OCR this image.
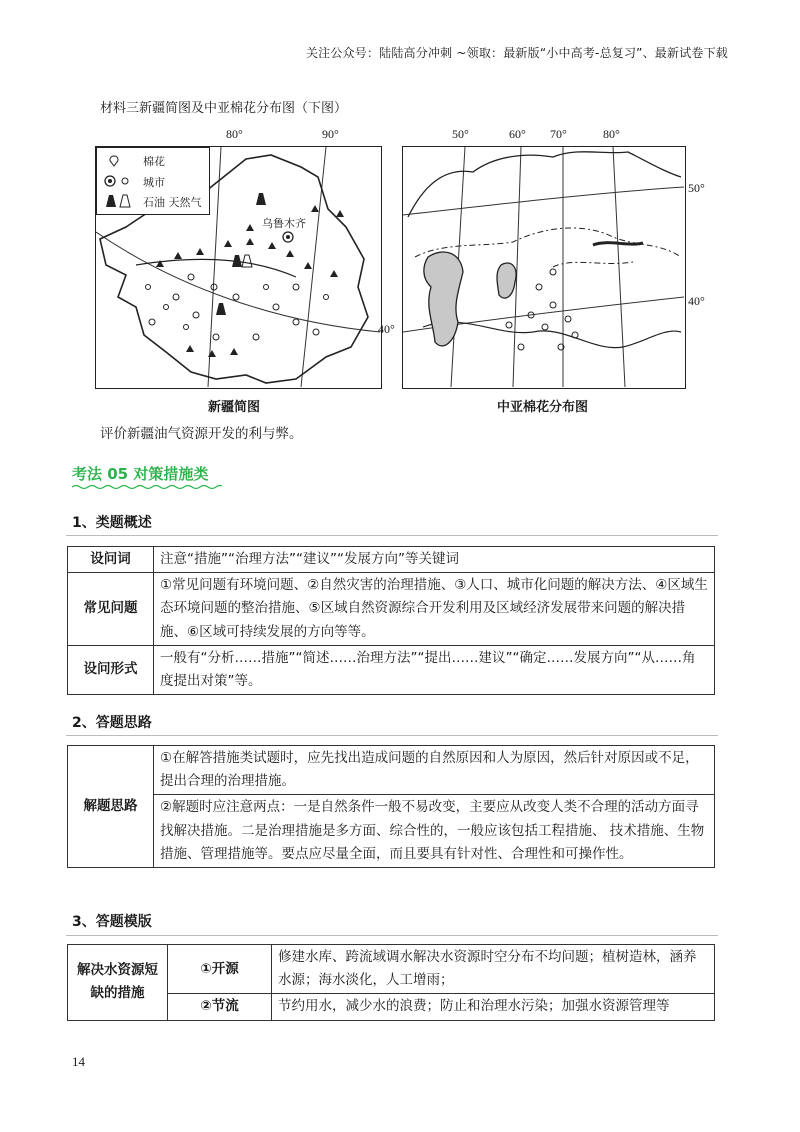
关注公众号：陆陆高分冲刺 ~领取：最新版“小中高考-总复习”、最新试卷下载
材料三新疆简图及中亚棉花分布图（下图）
80°	90°
棉花
城市
石油 天然气
乌鲁木齐
40°
新疆简图
50°	60° 70°	80°
50°
40°
中亚棉花分布图
评价新疆油气资源开发的利与弊。
考法 05 对策措施类
1、类题概述
设问词	注意“措施”“治理方法”“建议”“发展方向”等关键词
常见问题	①常见问题有环境问题、②自然灾害的治理措施、③人口、城市化问题的解决方法、④区域生态环境问题的整治措施、⑤区域自然资源综合开发利用及区域经济发展带来问题的解决措施、⑥区域可持续发展的方向等等。
设问形式	一般有“分析……措施”“简述……治理方法”“提出……建议”“确定……发展方向”“从……角度提出对策”等。
2、答题思路
解题思路	①在解答措施类试题时，应先找出造成问题的自然原因和人为原因，然后针对原因或不足，提出合理的治理措施。
②解题时应注意两点：一是自然条件一般不易改变，主要应从改变人类不合理的活动方面寻找解决措施。二是治理措施是多方面、综合性的，一般应该包括工程措施、 技术措施、生物措施、管理措施等。要点应尽量全面，而且要具有针对性、合理性和可操作性。
3、答题模版
解决水资源短缺的措施	①开源	修建水库、跨流域调水解决水资源时空分布不均问题；植树造林，涵养水源；海水淡化，人工增雨；
	②节流	节约用水，减少水的浪费；防止和治理水污染；加强水资源管理等
14
